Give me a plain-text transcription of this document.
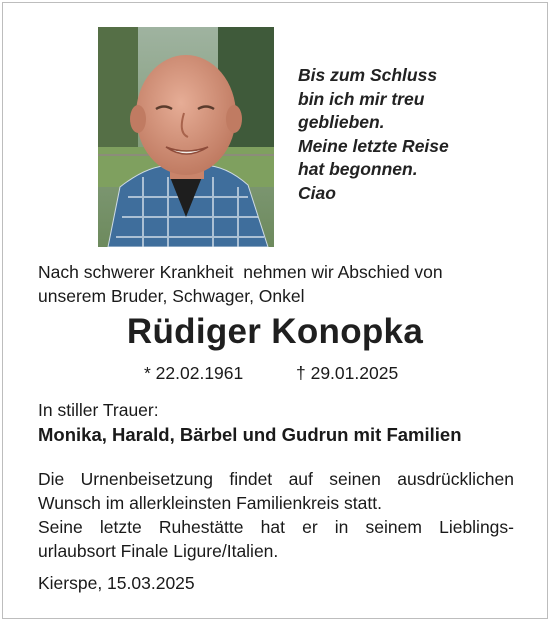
Bis zum Schluss
bin ich mir treu
geblieben.
Meine letzte Reise
hat begonnen.
Ciao
Nach schwerer Krankheit  nehmen wir Abschied von
unserem Bruder, Schwager, Onkel
Rüdiger Konopka
* 22.02.1961	† 29.01.2025
In stiller Trauer:
Monika, Harald, Bärbel und Gudrun mit Familien
Die Urnenbeisetzung findet auf seinen ausdrücklichen
Wunsch im allerkleinsten Familienkreis statt.
Seine letzte Ruhestätte hat er in seinem Lieblings-
urlaubsort Finale Ligure/Italien.
Kierspe, 15.03.2025
